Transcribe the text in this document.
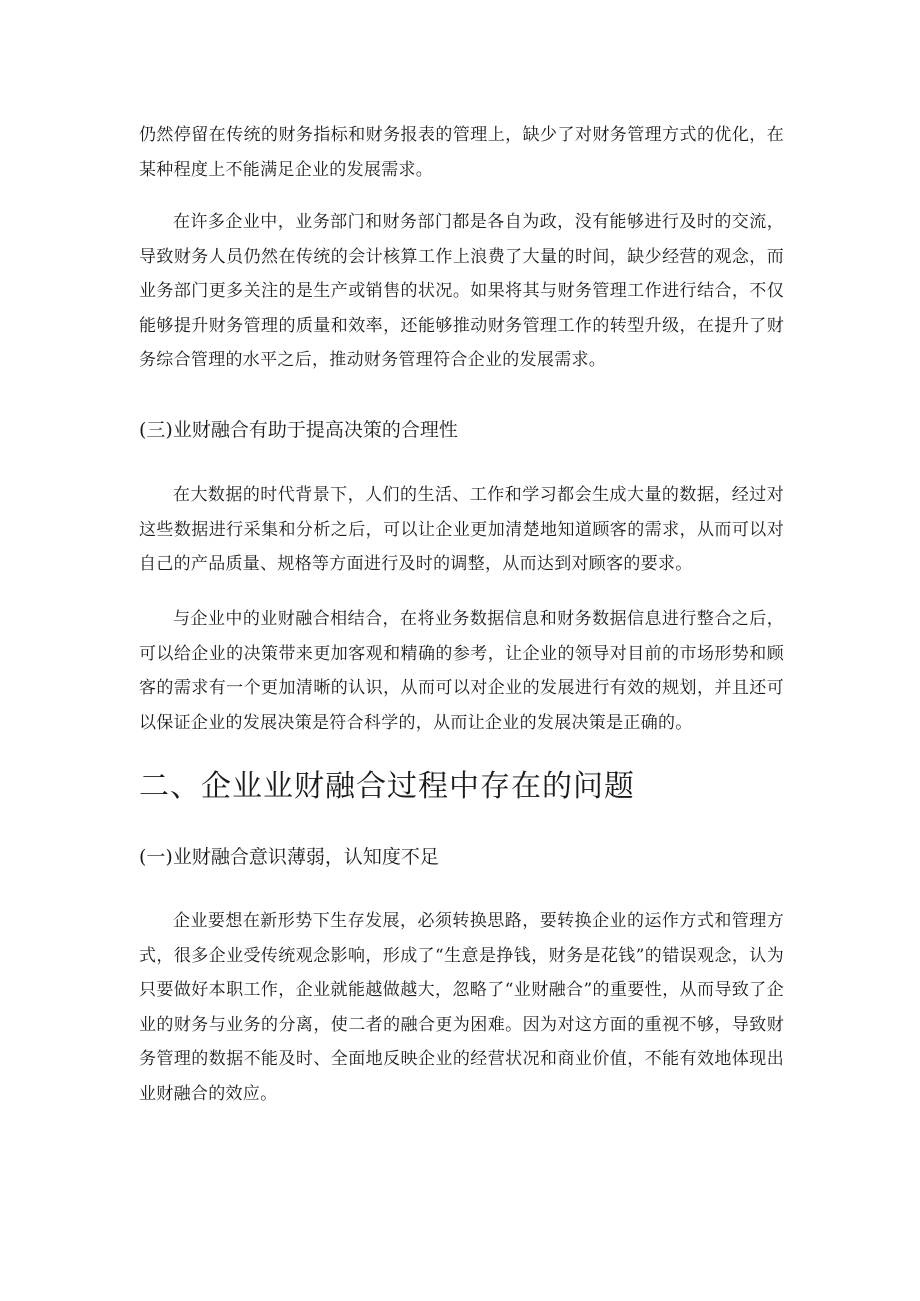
仍然停留在传统的财务指标和财务报表的管理上，缺少了对财务管理方式的优化，在某种程度上不能满足企业的发展需求。

在许多企业中，业务部门和财务部门都是各自为政，没有能够进行及时的交流，导致财务人员仍然在传统的会计核算工作上浪费了大量的时间，缺少经营的观念，而业务部门更多关注的是生产或销售的状况。如果将其与财务管理工作进行结合，不仅能够提升财务管理的质量和效率，还能够推动财务管理工作的转型升级，在提升了财务综合管理的水平之后，推动财务管理符合企业的发展需求。

(三)业财融合有助于提高决策的合理性

在大数据的时代背景下，人们的生活、工作和学习都会生成大量的数据，经过对这些数据进行采集和分析之后，可以让企业更加清楚地知道顾客的需求，从而可以对自己的产品质量、规格等方面进行及时的调整，从而达到对顾客的要求。

与企业中的业财融合相结合，在将业务数据信息和财务数据信息进行整合之后，可以给企业的决策带来更加客观和精确的参考，让企业的领导对目前的市场形势和顾客的需求有一个更加清晰的认识，从而可以对企业的发展进行有效的规划，并且还可以保证企业的发展决策是符合科学的，从而让企业的发展决策是正确的。

二、企业业财融合过程中存在的问题

(一)业财融合意识薄弱，认知度不足

企业要想在新形势下生存发展，必须转换思路，要转换企业的运作方式和管理方式，很多企业受传统观念影响，形成了“生意是挣钱，财务是花钱”的错误观念，认为只要做好本职工作，企业就能越做越大，忽略了“业财融合”的重要性，从而导致了企业的财务与业务的分离，使二者的融合更为困难。因为对这方面的重视不够，导致财务管理的数据不能及时、全面地反映企业的经营状况和商业价值，不能有效地体现出业财融合的效应。
